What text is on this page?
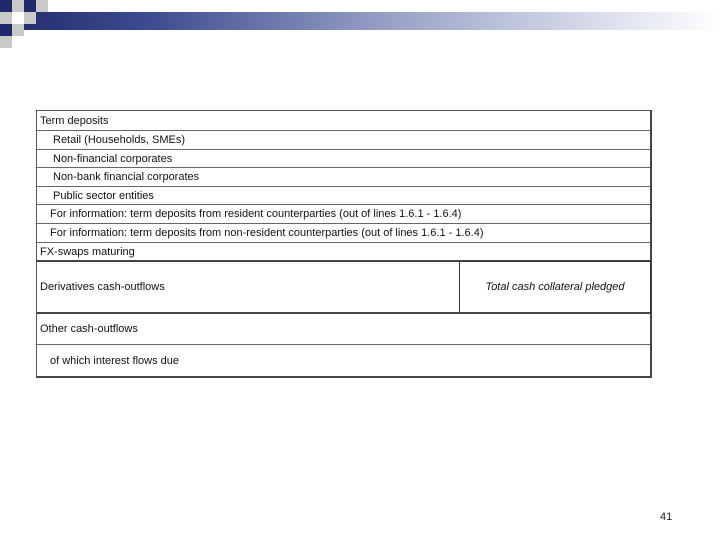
Term deposits
Retail (Households, SMEs)
Non-financial corporates
Non-bank financial corporates
Public sector entities
For information: term deposits from resident counterparties (out of lines 1.6.1 - 1.6.4)
For information: term deposits from non-resident counterparties (out of lines 1.6.1 - 1.6.4)
FX-swaps maturing
Derivatives cash-outflows	Total cash collateral pledged
Other cash-outflows
of which interest flows due
41
